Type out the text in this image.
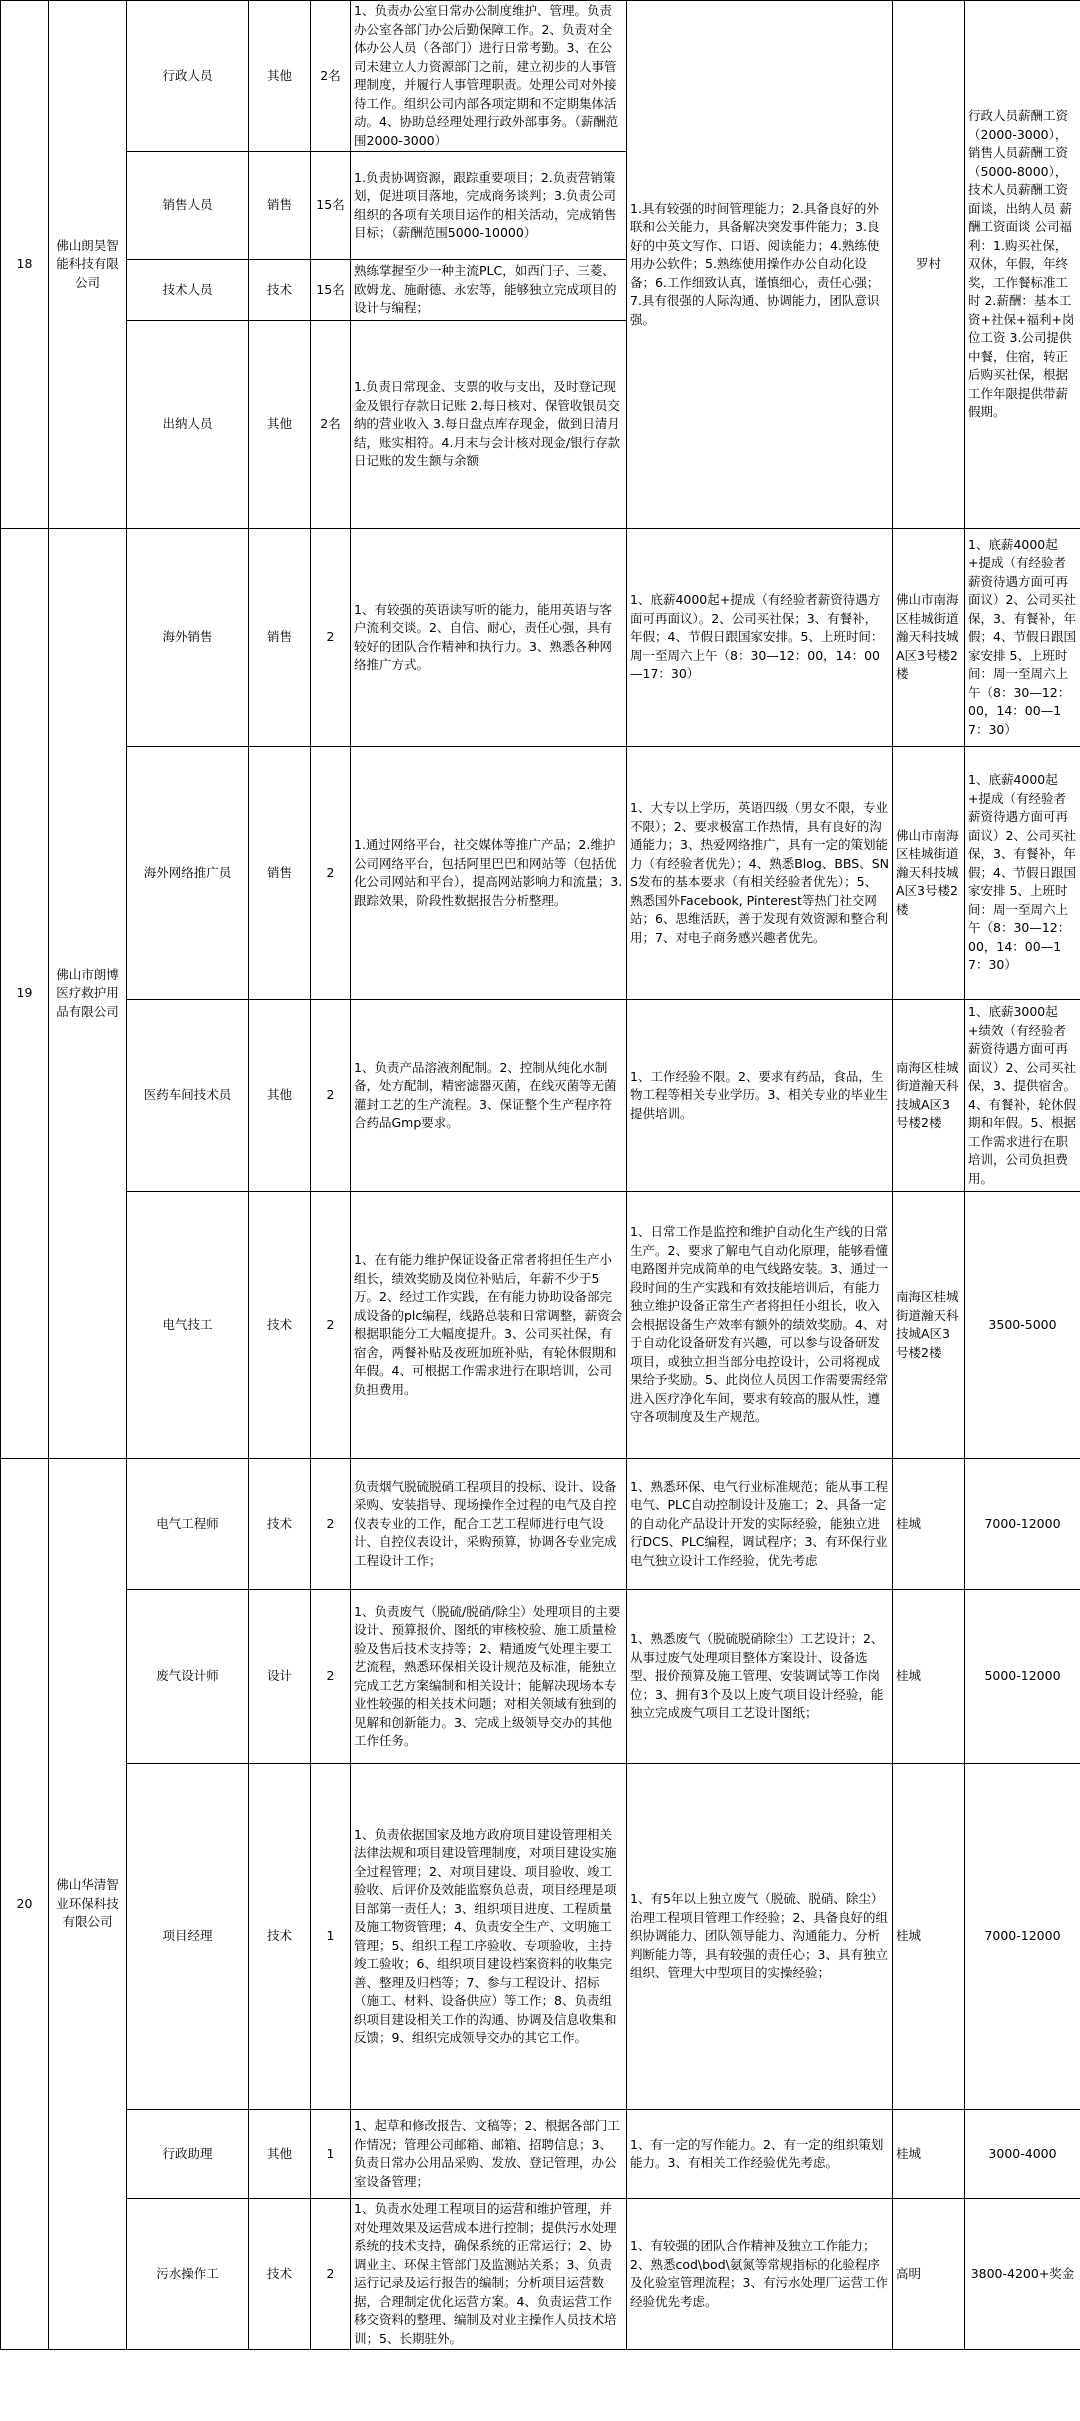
18	佛山朗昊智能科技有限公司	行政人员	其他	2名	1、负责办公室日常办公制度维护、管理。负责办公室各部门办公后勤保障工作。2、负责对全体办公人员（各部门）进行日常考勤。3、在公司未建立人力资源部门之前，建立初步的人事管理制度，并履行人事管理职责。处理公司对外接待工作。组织公司内部各项定期和不定期集体活动。4、协助总经理处理行政外部事务。（薪酬范围2000-3000）	1.具有较强的时间管理能力；2.具备良好的外联和公关能力，具备解决突发事件能力；3.良好的中英文写作、口语、阅读能力；4.熟练使用办公软件；5.熟练使用操作办公自动化设备；6.工作细致认真，谨慎细心，责任心强；7.具有很强的人际沟通、协调能力，团队意识强。	罗村	行政人员薪酬工资（2000-3000），销售人员薪酬工资（5000-8000），技术人员薪酬工资面谈，出纳人员 薪酬工资面谈 公司福利：1.购买社保，双休，年假，年终奖，工作餐标准工时 2.薪酬：基本工资+社保+福利+岗位工资 3.公司提供中餐，住宿，转正后购买社保，根据工作年限提供带薪假期。
		销售人员	销售	15名	1.负责协调资源，跟踪重要项目；2.负责营销策划，促进项目落地，完成商务谈判；3.负责公司组织的各项有关项目运作的相关活动，完成销售目标；（薪酬范围5000-10000）			
		技术人员	技术	15名	熟练掌握至少一种主流PLC，如西门子、三菱、欧姆龙、施耐德、永宏等，能够独立完成项目的设计与编程；			
		出纳人员	其他	2名	1.负责日常现金、支票的收与支出，及时登记现金及银行存款日记账 2.每日核对、保管收银员交纳的营业收入 3.每日盘点库存现金，做到日清月结，账实相符。4.月末与会计核对现金/银行存款日记账的发生额与余额			
19	佛山市朗博医疗救护用品有限公司	海外销售	销售	2	1、有较强的英语读写听的能力，能用英语与客户流利交谈。2、自信、耐心，责任心强，具有较好的团队合作精神和执行力。3、熟悉各种网络推广方式。	1、底薪4000起+提成（有经验者薪资待遇方面可再面议）。2、公司买社保；3、有餐补，年假；4、节假日跟国家安排。5、上班时间：周一至周六上午（8：30—12：00，14：00—17：30）	佛山市南海区桂城街道瀚天科技城A区3号楼2楼	1、底薪4000起+提成（有经验者薪资待遇方面可再面议）2、公司买社保，3、有餐补，年假；4、节假日跟国家安排 5、上班时间：周一至周六上午（8：30—12：00，14：00—17：30）
		海外网络推广员	销售	2	1.通过网络平台，社交媒体等推广产品；2.维护公司网络平台，包括阿里巴巴和网站等（包括优化公司网站和平台），提高网站影响力和流量；3.跟踪效果，阶段性数据报告分析整理。	1、大专以上学历，英语四级（男女不限，专业不限）；2、要求极富工作热情，具有良好的沟通能力；3、热爱网络推广，具有一定的策划能力（有经验者优先）；4、熟悉Blog、BBS、SNS发布的基本要求（有相关经验者优先）；5、熟悉国外Facebook, Pinterest等热门社交网站；6、思维活跃，善于发现有效资源和整合利用；7、对电子商务感兴趣者优先。	佛山市南海区桂城街道瀚天科技城A区3号楼2楼	1、底薪4000起+提成（有经验者薪资待遇方面可再面议）2、公司买社保，3、有餐补，年假；4、节假日跟国家安排 5、上班时间：周一至周六上午（8：30—12：00，14：00—17：30）
		医药车间技术员	其他	2	1、负责产品溶液剂配制。2、控制从纯化水制备，处方配制，精密滤器灭菌，在线灭菌等无菌灌封工艺的生产流程。3、保证整个生产程序符合药品Gmp要求。	1、工作经验不限。2、要求有药品，食品，生物工程等相关专业学历。3、相关专业的毕业生提供培训。	南海区桂城街道瀚天科技城A区3号楼2楼	1、底薪3000起+绩效（有经验者薪资待遇方面可再面议）2、公司买社保，3、提供宿舍。4、有餐补，轮休假期和年假。5、根据工作需求进行在职培训，公司负担费用。
		电气技工	技术	2	1、在有能力维护保证设备正常者将担任生产小组长，绩效奖励及岗位补贴后，年薪不少于5万。2、经过工作实践，在有能力协助设备部完成设备的plc编程，线路总装和日常调整，薪资会根据职能分工大幅度提升。3、公司买社保，有宿舍，两餐补贴及夜班加班补贴，有轮休假期和年假。4、可根据工作需求进行在职培训，公司负担费用。	1、日常工作是监控和维护自动化生产线的日常生产。2、要求了解电气自动化原理，能够看懂电路图并完成简单的电气线路安装。3、通过一段时间的生产实践和有效技能培训后，有能力独立维护设备正常生产者将担任小组长，收入会根据设备生产效率有额外的绩效奖励。4、对于自动化设备研发有兴趣，可以参与设备研发项目，或独立担当部分电控设计，公司将视成果给予奖励。5、此岗位人员因工作需要需经常进入医疗净化车间，要求有较高的服从性，遵守各项制度及生产规范。	南海区桂城街道瀚天科技城A区3号楼2楼	3500-5000
20	佛山华清智业环保科技有限公司	电气工程师	技术	2	负责烟气脱硫脱硝工程项目的投标、设计、设备采购、安装指导、现场操作全过程的电气及自控仪表专业的工作，配合工艺工程师进行电气设计、自控仪表设计，采购预算，协调各专业完成工程设计工作；	1、熟悉环保、电气行业标准规范；能从事工程电气、PLC自动控制设计及施工；2、具备一定的自动化产品设计开发的实际经验，能独立进行DCS、PLC编程，调试程序；3、有环保行业电气独立设计工作经验，优先考虑	桂城	7000-12000
		废气设计师	设计	2	1、负责废气（脱硫/脱硝/除尘）处理项目的主要设计、预算报价、图纸的审核校验、施工质量检验及售后技术支持等；2、精通废气处理主要工艺流程，熟悉环保相关设计规范及标准，能独立完成工艺方案编制和相关设计；能解决现场本专业性较强的相关技术问题；对相关领域有独到的见解和创新能力。3、完成上级领导交办的其他工作任务。	1、熟悉废气（脱硫脱硝除尘）工艺设计；2、从事过废气处理项目整体方案设计、设备选型、报价预算及施工管理、安装调试等工作岗位；3、拥有3个及以上废气项目设计经验，能独立完成废气项目工艺设计图纸；	桂城	5000-12000
		项目经理	技术	1	1、负责依据国家及地方政府项目建设管理相关法律法规和项目建设管理制度，对项目建设实施全过程管理；2、对项目建设、项目验收、竣工验收、后评价及效能监察负总责，项目经理是项目部第一责任人；3、组织项目进度、工程质量及施工物资管理；4、负责安全生产、文明施工管理；5、组织工程工序验收、专项验收，主持竣工验收；6、组织项目建设档案资料的收集完善、整理及归档等；7、参与工程设计、招标（施工、材料、设备供应）等工作；8、负责组织项目建设相关工作的沟通、协调及信息收集和反馈；9、组织完成领导交办的其它工作。	1、有5年以上独立废气（脱硫、脱硝、除尘）治理工程项目管理工作经验；2、具备良好的组织协调能力、团队领导能力、沟通能力、分析判断能力等，具有较强的责任心；3、具有独立组织、管理大中型项目的实操经验；	桂城	7000-12000
		行政助理	其他	1	1、起草和修改报告、文稿等；2、根据各部门工作情况；管理公司邮箱、邮箱、招聘信息；3、负责日常办公用品采购、发放、登记管理，办公室设备管理；	1、有一定的写作能力。2、有一定的组织策划能力。3、有相关工作经验优先考虑。	桂城	3000-4000
		污水操作工	技术	2	1、负责水处理工程项目的运营和维护管理，并对处理效果及运营成本进行控制；提供污水处理系统的技术支持，确保系统的正常运行；2、协调业主、环保主管部门及监测站关系；3、负责运行记录及运行报告的编制；分析项目运营数据，合理制定优化运营方案。4、负责运营工作移交资料的整理、编制及对业主操作人员技术培训；5、长期驻外。	1、有较强的团队合作精神及独立工作能力；2、熟悉cod\bod\氨氮等常规指标的化验程序及化验室管理流程；3、有污水处理厂运营工作经验优先考虑。	高明	3800-4200+奖金
